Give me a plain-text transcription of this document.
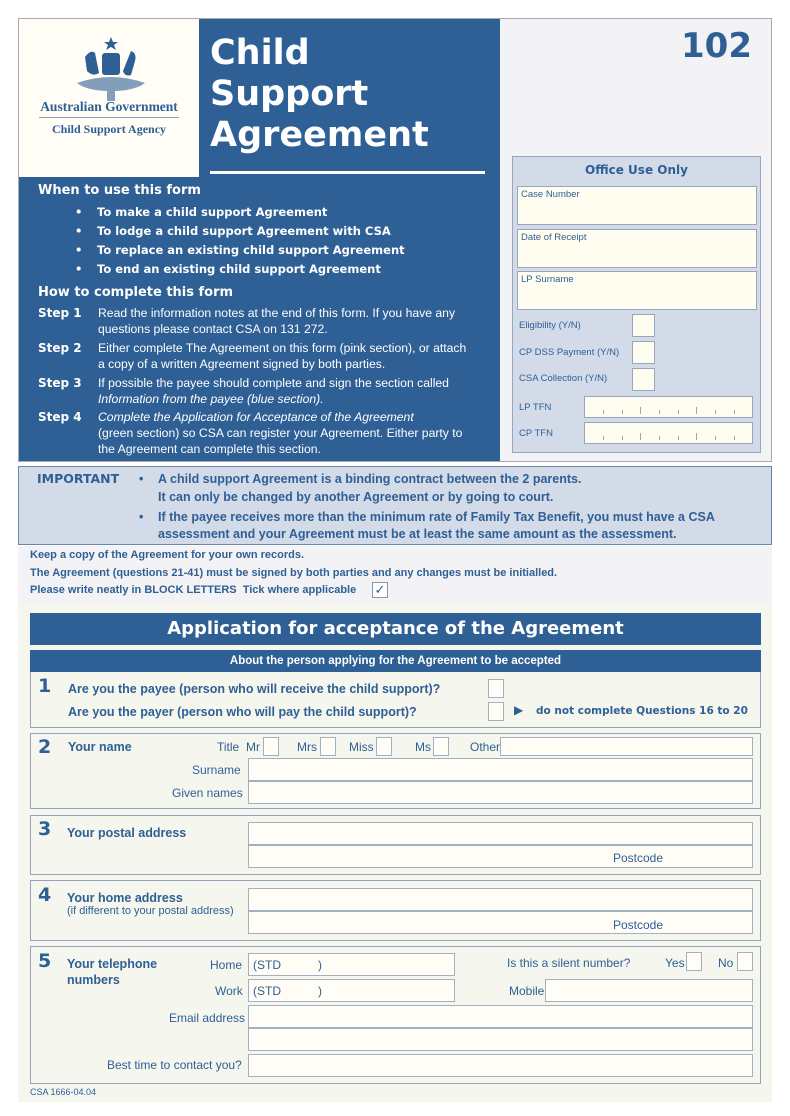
Australian Government
Child Support Agency
Child
Support
Agreement
102
When to use this form
• To make a child support Agreement
• To lodge a child support Agreement with CSA
• To replace an existing child support Agreement
• To end an existing child support Agreement
How to complete this form
Step 1 Read the information notes at the end of this form. If you have any
questions please contact CSA on 131 272.
Step 2 Either complete The Agreement on this form (pink section), or attach
a copy of a written Agreement signed by both parties.
Step 3 If possible the payee should complete and sign the section called
Information from the payee (blue section).
Step 4 Complete the Application for Acceptance of the Agreement
(green section) so CSA can register your Agreement. Either party to
the Agreement can complete this section.
Office Use Only
Case Number
Date of Receipt
LP Surname
Eligibility (Y/N)
CP DSS Payment (Y/N)
CSA Collection (Y/N)
LP TFN
CP TFN
IMPORTANT • A child support Agreement is a binding contract between the 2 parents.
It can only be changed by another Agreement or by going to court.
• If the payee receives more than the minimum rate of Family Tax Benefit, you must have a CSA
assessment and your Agreement must be at least the same amount as the assessment.
Keep a copy of the Agreement for your own records.
The Agreement (questions 21-41) must be signed by both parties and any changes must be initialled.
Please write neatly in BLOCK LETTERS  Tick where applicable ✓
Application for acceptance of the Agreement
About the person applying for the Agreement to be accepted
1 Are you the payee (person who will receive the child support)?
Are you the payer (person who will pay the child support)?	▶ do not complete Questions 16 to 20
2 Your name	Title Mr	Mrs	Miss	Ms	Other
Surname
Given names
3 Your postal address
Postcode
4 Your home address
(if different to your postal address)
Postcode
5 Your telephone
numbers
Home (STD	)	Is this a silent number?	Yes	No
Work (STD	)	Mobile
Email address
Best time to contact you?
CSA 1666-04.04
